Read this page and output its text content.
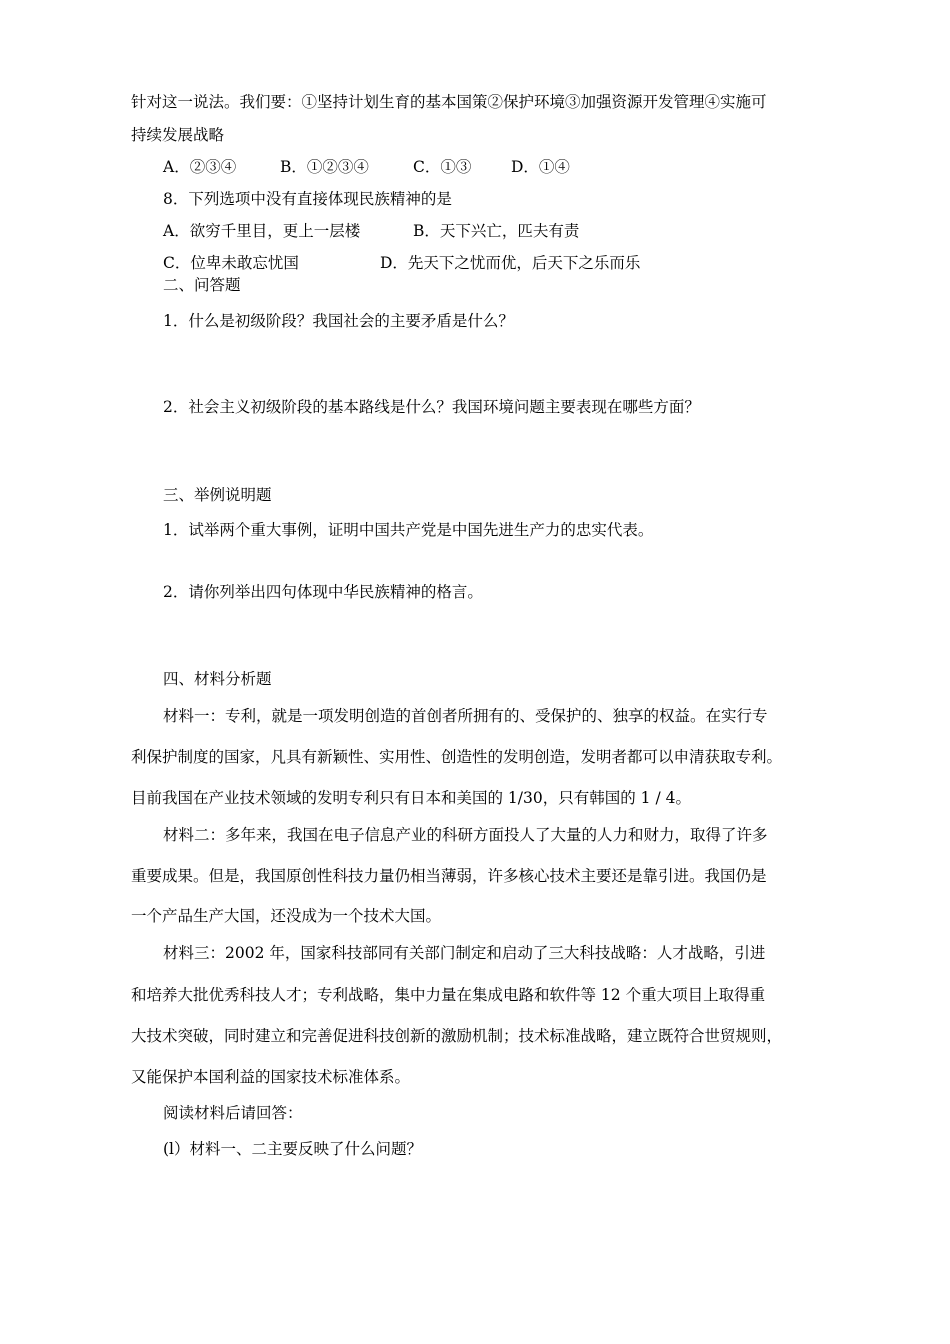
针对这一说法。我们要：①坚持计划生育的基本国策②保护环境③加强资源开发管理④实施可
持续发展战略
A．②③④	B．①②③④	C．①③	D．①④
8．下列选项中没有直接体现民族精神的是
A．欲穷千里目，更上一层楼	B．天下兴亡，匹夫有责
C．位卑未敢忘忧国	D．先天下之忧而优，后天下之乐而乐
二、问答题
1．什么是初级阶段？我国社会的主要矛盾是什么？
2．社会主义初级阶段的基本路线是什么？我国环境问题主要表现在哪些方面？
三、举例说明题
1．试举两个重大事例，证明中国共产党是中国先进生产力的忠实代表。
2．请你列举出四句体现中华民族精神的格言。
四、材料分析题
材料一：专利，就是一项发明创造的首创者所拥有的、受保护的、独享的权益。在实行专
利保护制度的国家，凡具有新颖性、实用性、创造性的发明创造，发明者都可以申清获取专利。
目前我国在产业技术领域的发明专利只有日本和美国的 1/30，只有韩国的 1 / 4。
材料二：多年来，我国在电子信息产业的科研方面投人了大量的人力和财力，取得了许多
重要成果。但是，我国原创性科技力量仍相当薄弱，许多核心技术主要还是靠引进。我国仍是
一个产品生产大国，还没成为一个技术大国。
材料三：2002 年，国家科技部同有关部门制定和启动了三大科技战略：人才战略，引进
和培养大批优秀科技人才；专利战略，集中力量在集成电路和软件等 12 个重大项目上取得重
大技术突破，同时建立和完善促进科技创新的激励机制；技术标准战略，建立既符合世贸规则，
又能保护本国利益的国家技术标准体系。
阅读材料后请回答：
(l）材料一、二主要反映了什么问题？
